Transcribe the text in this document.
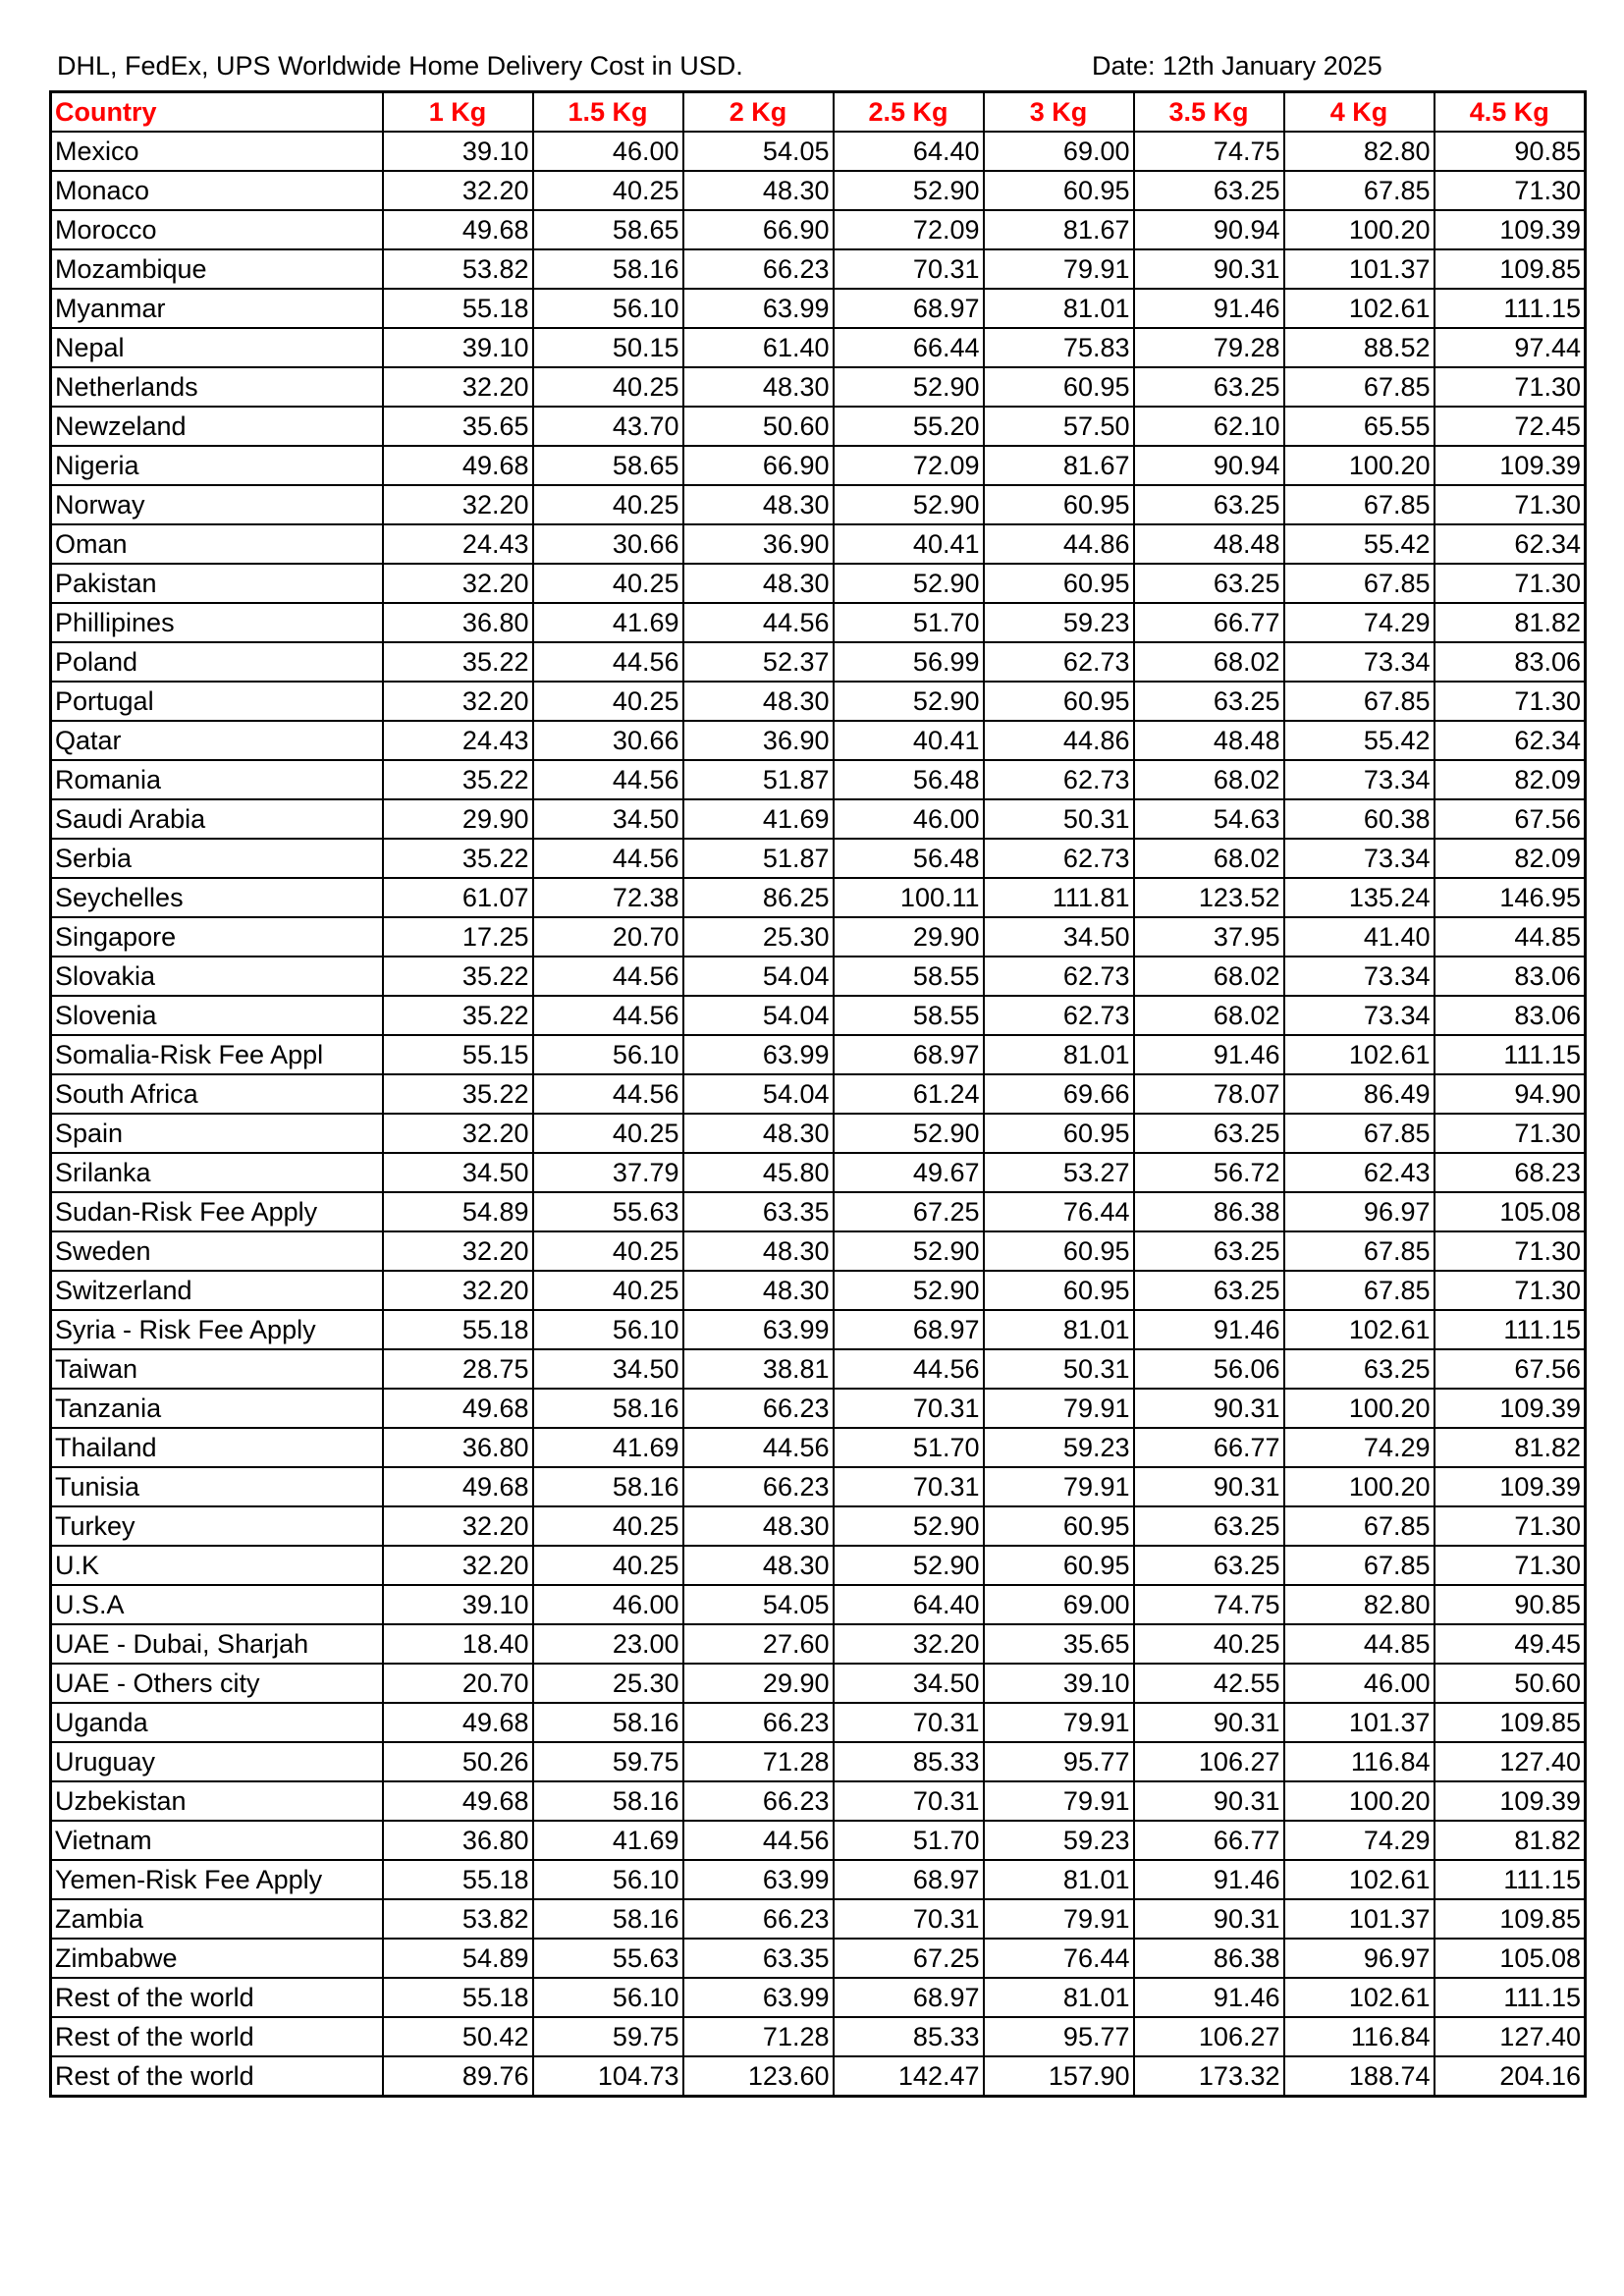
DHL, FedEx, UPS Worldwide Home Delivery Cost in USD.	Date: 12th January 2025
Country	1 Kg	1.5 Kg	2 Kg	2.5 Kg	3 Kg	3.5 Kg	4 Kg	4.5 Kg
Mexico	39.10	46.00	54.05	64.40	69.00	74.75	82.80	90.85
Monaco	32.20	40.25	48.30	52.90	60.95	63.25	67.85	71.30
Morocco	49.68	58.65	66.90	72.09	81.67	90.94	100.20	109.39
Mozambique	53.82	58.16	66.23	70.31	79.91	90.31	101.37	109.85
Myanmar	55.18	56.10	63.99	68.97	81.01	91.46	102.61	111.15
Nepal	39.10	50.15	61.40	66.44	75.83	79.28	88.52	97.44
Netherlands	32.20	40.25	48.30	52.90	60.95	63.25	67.85	71.30
Newzeland	35.65	43.70	50.60	55.20	57.50	62.10	65.55	72.45
Nigeria	49.68	58.65	66.90	72.09	81.67	90.94	100.20	109.39
Norway	32.20	40.25	48.30	52.90	60.95	63.25	67.85	71.30
Oman	24.43	30.66	36.90	40.41	44.86	48.48	55.42	62.34
Pakistan	32.20	40.25	48.30	52.90	60.95	63.25	67.85	71.30
Phillipines	36.80	41.69	44.56	51.70	59.23	66.77	74.29	81.82
Poland	35.22	44.56	52.37	56.99	62.73	68.02	73.34	83.06
Portugal	32.20	40.25	48.30	52.90	60.95	63.25	67.85	71.30
Qatar	24.43	30.66	36.90	40.41	44.86	48.48	55.42	62.34
Romania	35.22	44.56	51.87	56.48	62.73	68.02	73.34	82.09
Saudi Arabia	29.90	34.50	41.69	46.00	50.31	54.63	60.38	67.56
Serbia	35.22	44.56	51.87	56.48	62.73	68.02	73.34	82.09
Seychelles	61.07	72.38	86.25	100.11	111.81	123.52	135.24	146.95
Singapore	17.25	20.70	25.30	29.90	34.50	37.95	41.40	44.85
Slovakia	35.22	44.56	54.04	58.55	62.73	68.02	73.34	83.06
Slovenia	35.22	44.56	54.04	58.55	62.73	68.02	73.34	83.06
Somalia-Risk Fee Appl	55.15	56.10	63.99	68.97	81.01	91.46	102.61	111.15
South Africa	35.22	44.56	54.04	61.24	69.66	78.07	86.49	94.90
Spain	32.20	40.25	48.30	52.90	60.95	63.25	67.85	71.30
Srilanka	34.50	37.79	45.80	49.67	53.27	56.72	62.43	68.23
Sudan-Risk Fee Apply	54.89	55.63	63.35	67.25	76.44	86.38	96.97	105.08
Sweden	32.20	40.25	48.30	52.90	60.95	63.25	67.85	71.30
Switzerland	32.20	40.25	48.30	52.90	60.95	63.25	67.85	71.30
Syria - Risk Fee Apply	55.18	56.10	63.99	68.97	81.01	91.46	102.61	111.15
Taiwan	28.75	34.50	38.81	44.56	50.31	56.06	63.25	67.56
Tanzania	49.68	58.16	66.23	70.31	79.91	90.31	100.20	109.39
Thailand	36.80	41.69	44.56	51.70	59.23	66.77	74.29	81.82
Tunisia	49.68	58.16	66.23	70.31	79.91	90.31	100.20	109.39
Turkey	32.20	40.25	48.30	52.90	60.95	63.25	67.85	71.30
U.K	32.20	40.25	48.30	52.90	60.95	63.25	67.85	71.30
U.S.A	39.10	46.00	54.05	64.40	69.00	74.75	82.80	90.85
UAE - Dubai, Sharjah	18.40	23.00	27.60	32.20	35.65	40.25	44.85	49.45
UAE - Others city	20.70	25.30	29.90	34.50	39.10	42.55	46.00	50.60
Uganda	49.68	58.16	66.23	70.31	79.91	90.31	101.37	109.85
Uruguay	50.26	59.75	71.28	85.33	95.77	106.27	116.84	127.40
Uzbekistan	49.68	58.16	66.23	70.31	79.91	90.31	100.20	109.39
Vietnam	36.80	41.69	44.56	51.70	59.23	66.77	74.29	81.82
Yemen-Risk Fee Apply	55.18	56.10	63.99	68.97	81.01	91.46	102.61	111.15
Zambia	53.82	58.16	66.23	70.31	79.91	90.31	101.37	109.85
Zimbabwe	54.89	55.63	63.35	67.25	76.44	86.38	96.97	105.08
Rest of the world	55.18	56.10	63.99	68.97	81.01	91.46	102.61	111.15
Rest of the world	50.42	59.75	71.28	85.33	95.77	106.27	116.84	127.40
Rest of the world	89.76	104.73	123.60	142.47	157.90	173.32	188.74	204.16
